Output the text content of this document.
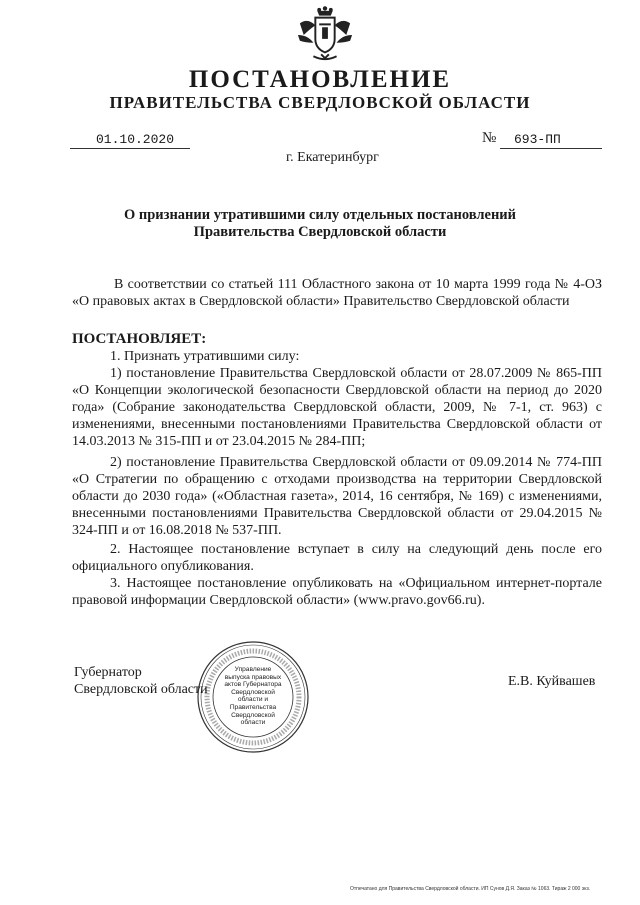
ПОСТАНОВЛЕНИЕ
ПРАВИТЕЛЬСТВА СВЕРДЛОВСКОЙ ОБЛАСТИ
01.10.2020	№	693-ПП
г. Екатеринбург
О признании утратившими силу отдельных постановлений
Правительства Свердловской области

В соответствии со статьей 111 Областного закона от 10 марта 1999 года № 4-ОЗ «О правовых актах в Свердловской области» Правительство Свердловской области

ПОСТАНОВЛЯЕТ:

1. Признать утратившими силу:

1) постановление Правительства Свердловской области от 28.07.2009 № 865-ПП «О Концепции экологической безопасности Свердловской области на период до 2020 года» (Собрание законодательства Свердловской области, 2009, № 7-1, ст. 963) с изменениями, внесенными постановлениями Правительства Свердловской области от 14.03.2013 № 315-ПП и от 23.04.2015 № 284-ПП;

2) постановление Правительства Свердловской области от 09.09.2014 № 774-ПП «О Стратегии по обращению с отходами производства на территории Свердловской области до 2030 года» («Областная газета», 2014, 16 сентября, № 169) с изменениями, внесенными постановлениями Правительства Свердловской области от 29.04.2015 № 324-ПП и от 16.08.2018 № 537-ПП.

2. Настоящее постановление вступает в силу на следующий день после его официального опубликования.

3. Настоящее постановление опубликовать на «Официальном интернет-портале правовой информации Свердловской области» (www.pravo.gov66.ru).

Управление выпуска правовых актов Губернатора Свердловской области и Правительства Свердловской области
Губернатор
Свердловской области
Е.В. Куйвашев
Отпечатано для Правительства Свердловской области. ИП Сунов Д.Я. Заказ № 1063. Тираж 2 000 экз.
